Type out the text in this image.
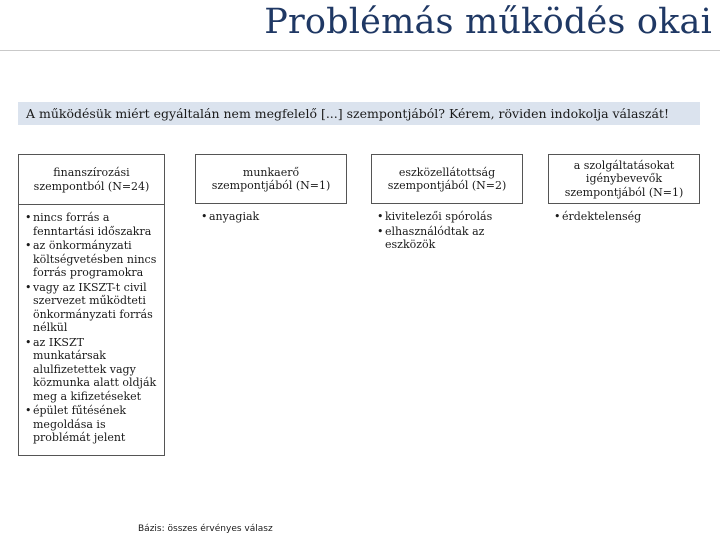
Problémás működés okai
A működésük miért egyáltalán nem megfelelő [...] szempontjából? Kérem, röviden indokolja válaszát!
finanszírozási szempontból (N=24)
• nincs forrás a fenntartási időszakra
• az önkormányzati költségvetésben nincs forrás programokra
• vagy az IKSZT-t civil szervezet működteti önkormányzati forrás nélkül
• az IKSZT munkatársak alulfizetettek vagy közmunka alatt oldják meg a kifizetéseket
• épület fűtésének megoldása is problémát jelent
munkaerő szempontjából (N=1)
• anyagiak
eszközellátottság szempontjából (N=2)
• kivitelezői spórolás
• elhasználódtak az eszközök
a szolgáltatásokat igénybevevők szempontjából (N=1)
• érdektelenség
Bázis: összes érvényes válasz
